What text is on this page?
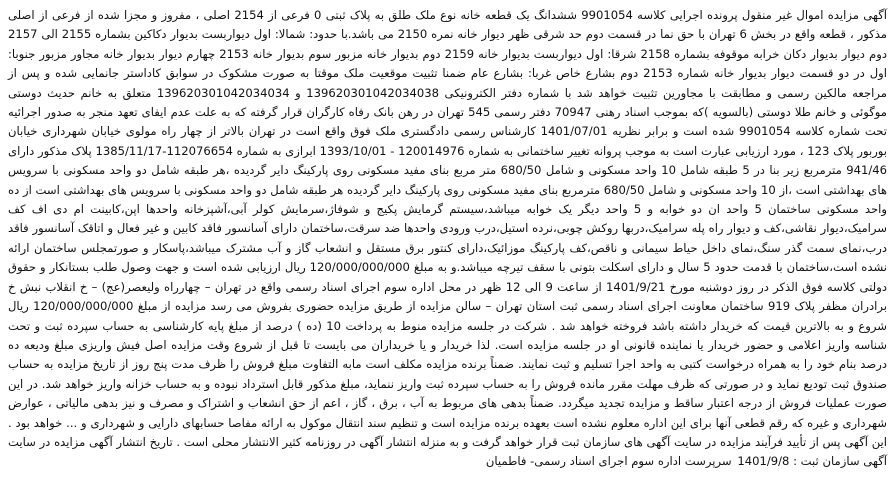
آگهی مزایده اموال غیر منقول پرونده اجرایی کلاسه 9901054 ششدانگ یک قطعه خانه نوع ملک طلق به پلاک ثبتی 0 فرعی از 2154 اصلی ، مفروز و مجزا شده از فرعی از اصلی مذکور ، قطعه واقع در بخش 6 تهران با حق نما در قسمت دوم حد شرقی ظهر دیوار خانه نمره 2150 می باشد.با حدود: شمالا: اول دیواربست بدیوار دکاکین بشماره 2155 الی 2157 دوم دیوار بدیوار دکان خرابه موقوفه بشماره 2158 شرقا: اول دیواربست بدیوار خانه 2159 دوم بدیوار خانه مزبور سوم بدیوار خانه 2153 چهارم دیوار بدیوار خانه مجاور مزبور جنوبا: اول در دو قسمت دیوار بدیوار خانه شماره 2153 دوم بشارع خاص غربا: بشارع عام ضمنا تثبیت موقعیت ملک موقتا به صورت مشکوک در سوابق کاداستر جانمایی شده و پس از مراجعه مالکین رسمی و مطابقت با مجاورین تثبیت خواهد شد با شماره دفتر الکترونیکی 139620301042034038 و 139620301042034034 متعلق به خانم حدیث دوستی موگوئی و خانم طلا دوستی (بالسویه )که بموجب اسناد رهنی 70947 دفتر رسمی 545 تهران در رهن بانک رفاه کارگران قرار گرفته که به علت عدم ایفای تعهد منجر به صدور اجرائیه تحت شماره کلاسه 9901054 شده است و برابر نظریه 1401/07/01 کارشناس رسمی دادگستری ملک فوق واقع است در تهران بالاتر از چهار راه مولوی خیابان شهرداری خیابان بوربور پلاک 123 ، مورد ارزیابی عبارت است به موجب پروانه تغییر ساختمانی به شماره 120014976 - 1393/10/01 ابرازی به شماره 112076654-1385/11/17 پلاک مذکور دارای 941/46 مترمربع زیر بنا در 5 طبقه شامل 10 واحد مسکونی و شامل 680/50 متر مربع بنای مفید مسکونی روی پارکینگ دایر گردیده ،هر طبقه شامل دو واحد مسکونی با سرویس های بهداشتی است ،از 10 واحد مسکونی و شامل 680/50 مترمربع بنای مفید مسکونی روی پارکینگ دایر گردیده هر طبقه شامل دو واحد مسکونی با سرویس های بهداشتی است از ده واحد مسکونی ساختمان 5 واحد ان دو خوابه و 5 واحد دیگر یک خوابه میباشد،سیستم گرمایش پکیج و شوفاژ،سرمایش کولر آبی،آشپزخانه واحدها اپن،کابینت ام دی اف کف سرامیک،دیوار نقاشی،کف و دیوار راه پله سرامیک،دربها روکش چوبی،نرده استیل،درب ورودی واحدها ضد سرقت،ساختمان دارای آسانسور فاقد کابین و غیر فعال و اتاقک آسانسور فاقد درب،نمای سمت گذر سنگ،نمای داخل حیاط سیمانی و ناقص،کف پارکینگ موزائیک،دارای کنتور برق مستقل و انشعاب گاز و آب مشترک میباشد،پاسکار و صورتمجلس ساختمان ارائه نشده است،ساختمان با قدمت حدود 5 سال و دارای اسکلت بتونی با سقف تیرچه میباشد.و به مبلغ 120/000/000/000 ریال ارزیابی شده است و جهت وصول طلب بستانکار و حقوق دولتی کلاسه فوق الذکر در روز دوشنبه مورخ 1401/9/21 از ساعت 9 الی 12 ظهر در محل اداره سوم اجرای اسناد رسمی واقع در تهران – چهارراه ولیعصر(عج) – خ انقلاب نبش خ برادران مظفر پلاک 919 ساختمان معاونت اجرای اسناد رسمی ثبت استان تهران – سالن مزایده از طریق مزایده حضوری بفروش می رسد مزایده از مبلغ 120/000/000/000 ریال شروع و به بالاترین قیمت که خریدار داشته باشد فروخته خواهد شد . شرکت در جلسه مزایده منوط به پرداخت 10 (ده ) درصد از مبلغ پایه کارشناسی به حساب سپرده ثبت و تحت شناسه واریز اعلامی و حضور خریدار یا نماینده قانونی او در جلسه مزایده است. لذا خریدار و یا خریداران می بایست تا قبل از شروع وقت مزایده اصل فیش واریزی مبلغ ودیعه ده درصد بنام خود را به همراه درخواست کتبی به واحد اجرا تسلیم و ثبت نمایند. ضمناً برنده مزایده مکلف است مابه التفاوت مبلغ فروش را ظرف مدت پنج روز از تاریخ مزایده به حساب صندوق ثبت تودیع نماید و در صورتی که ظرف مهلت مقرر مانده فروش را به حساب سپرده ثبت واریز ننماید، مبلغ مذکور قابل استرداد نبوده و به حساب خزانه واریز خواهد شد. در این صورت عملیات فروش از درجه اعتبار ساقط و مزایده تجدید میگردد. ضمناً بدهی های مربوط به آب ، برق ، گاز ، اعم از حق انشعاب و اشتراک و مصرف و نیز بدهی مالیاتی ، عوارض شهرداری و غیره که رقم قطعی آنها برای این اداره معلوم نشده است بعهده برنده مزایده است و تنظیم سند انتقال موکول به ارائه مفاصا حسابهای دارایی و شهرداری و ... خواهد بود . این آگهی پس از تأیید فرآیند مزایده در سایت آگهی های سازمان ثبت قرار خواهد گرفت و به منزله انتشار آگهی در روزنامه کثیر الانتشار محلی است . تاریخ انتشار آگهی مزایده در سایت آگهی سازمان ثبت : 1401/9/8 سرپرست اداره سوم اجرای اسناد رسمی- فاطمیان
